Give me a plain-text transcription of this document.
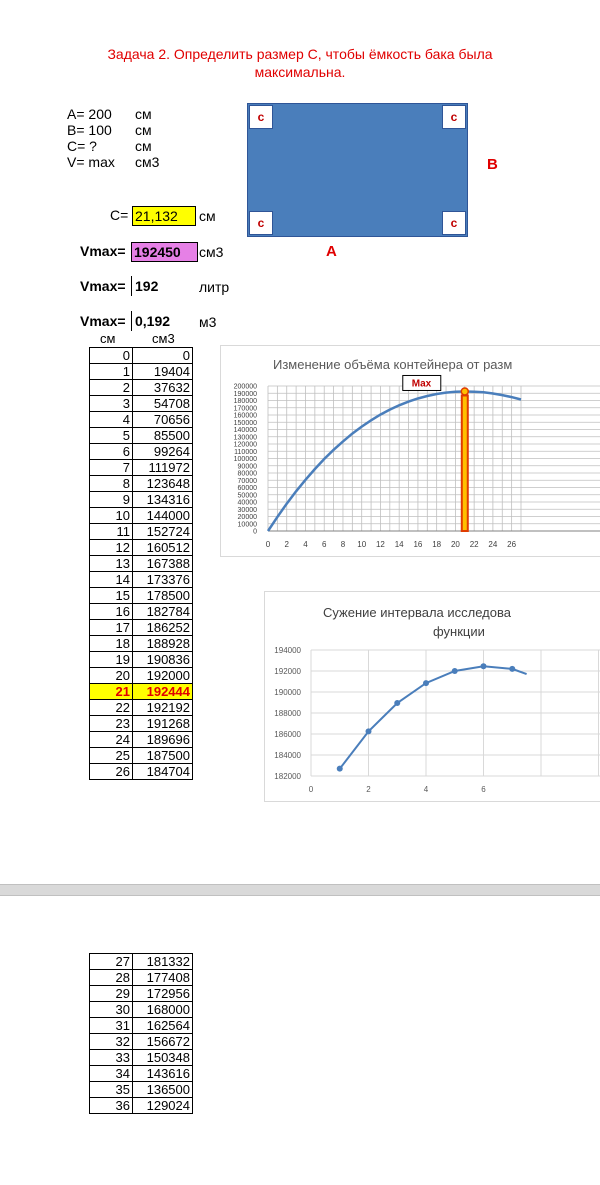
Задача 2. Определить размер С, чтобы ёмкость бака была
максимальна.
A= 200 см
B= 100 см
C= ?	см
V= max см3
с	с
с	с
B
A
С= 21,132	см
Vmax= 192450	см3
Vmax= 192	литр
Vmax= 0,192 м3
см	см3
0	0
1	19404
2	37632
3	54708
4	70656
5	85500
6	99264
7	111972
8	123648
9	134316
10	144000
11	152724
12	160512
13	167388
14	173376
15	178500
16	182784
17	186252
18	188928
19	190836
20	192000
21	192444
22	192192
23	191268
24	189696
25	187500
26	184704
Изменение объёма контейнера от разм
0
10000
20000
30000
40000
50000
60000
70000
80000
90000
100000
110000
120000
130000
140000
150000
160000
170000
180000
190000
200000
0 2 4 6 8 10 12 14 16 18 20 22 24 26
Max
Сужение интервала исследова
функции
182000
184000
186000
188000
190000
192000
194000
0	2	4	6
27	181332
28	177408
29	172956
30	168000
31	162564
32	156672
33	150348
34	143616
35	136500
36	129024
